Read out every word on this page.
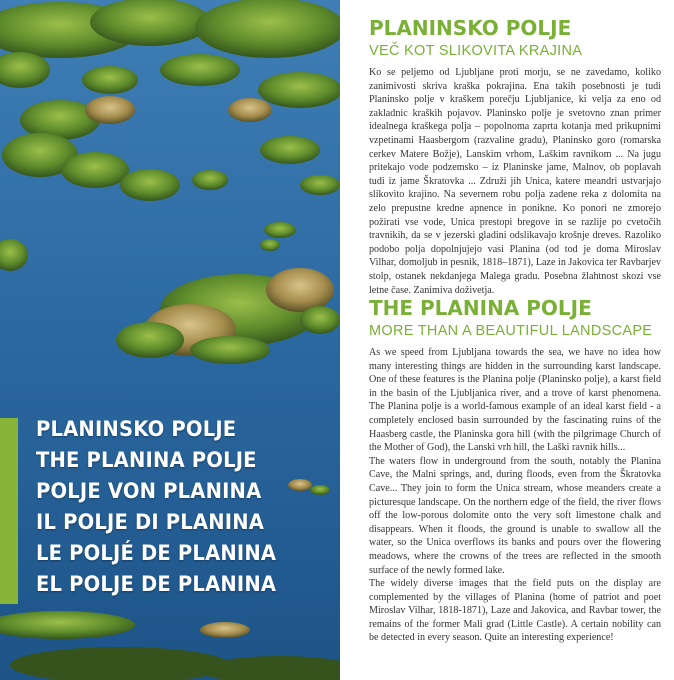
PLANINSKO POLJE
THE PLANINA POLJE
POLJE VON PLANINA
IL POLJE DI PLANINA
LE POLJÉ DE PLANINA
EL POLJE DE PLANINA
PLANINSKO POLJE
VEČ KOT SLIKOVITA KRAJINA

Ko se peljemo od Ljubljane proti morju, se ne zavedamo, koliko zanimivosti skriva kraška pokrajina. Ena takih posebnosti je tudi Planinsko polje v kraškem porečju Ljubljanice, ki velja za eno od zakladnic kraških pojavov. Planinsko polje je svetovno znan primer idealnega kraškega polja – popolnoma zaprta kotanja med prikupnimi vzpetinami Haasbergom (razvaline gradu), Planinsko goro (romarska cerkev Matere Božje), Lanskim vrhom, Laškim ravnikom ... Na jugu pritekajo vode podzemsko – iz Planinske jame, Malnov, ob poplavah tudi iz jame Škratovka ... Združi jih Unica, katere meandri ustvarjajo slikovito krajino. Na severnem robu polja zadene reka z dolomita na zelo prepustne kredne apnence in ponikne. Ko ponori ne zmorejo požirati vse vode, Unica prestopi bregove in se razlije po cvetočih travnikih, da se v jezerski gladini odslikavajo krošnje dreves. Razoliko podobo polja dopolnjujejo vasi Planina (od tod je doma Miroslav Vilhar, domoljub in pesnik, 1818–1871), Laze in Jakovica ter Ravbarjev stolp, ostanek nekdanjega Malega gradu. Posebna žlahtnost skozi vse letne čase. Zanimiva doživetja.

THE PLANINA POLJE
MORE THAN A BEAUTIFUL LANDSCAPE

As we speed from Ljubljana towards the sea, we have no idea how many interesting things are hidden in the surrounding karst landscape. One of these features is the Planina polje (Planinsko polje), a karst field in the basin of the Ljubljanica river, and a trove of karst phenomena. The Planina polje is a world-famous example of an ideal karst field - a completely enclosed basin surrounded by the fascinating ruins of the Haasberg castle, the Planinska gora hill (with the pilgrimage Church of the Mother of God), the Lanski vrh hill, the Laški ravnik hills...

The waters flow in underground from the south, notably the Planina Cave, the Malni springs, and, during floods, even from the Škratovka Cave... They join to form the Unica stream, whose meanders create a picturesque landscape. On the northern edge of the field, the river flows off the low-porous dolomite onto the very soft limestone chalk and disappears. When it floods, the ground is unable to swallow all the water, so the Unica overflows its banks and pours over the flowering meadows, where the crowns of the trees are reflected in the smooth surface of the newly formed lake.

The widely diverse images that the field puts on the display are complemented by the villages of Planina (home of patriot and poet Miroslav Vilhar, 1818-1871), Laze and Jakovica, and Ravbar tower, the remains of the former Mali grad (Little Castle). A certain nobility can be detected in every season. Quite an interesting experience!
